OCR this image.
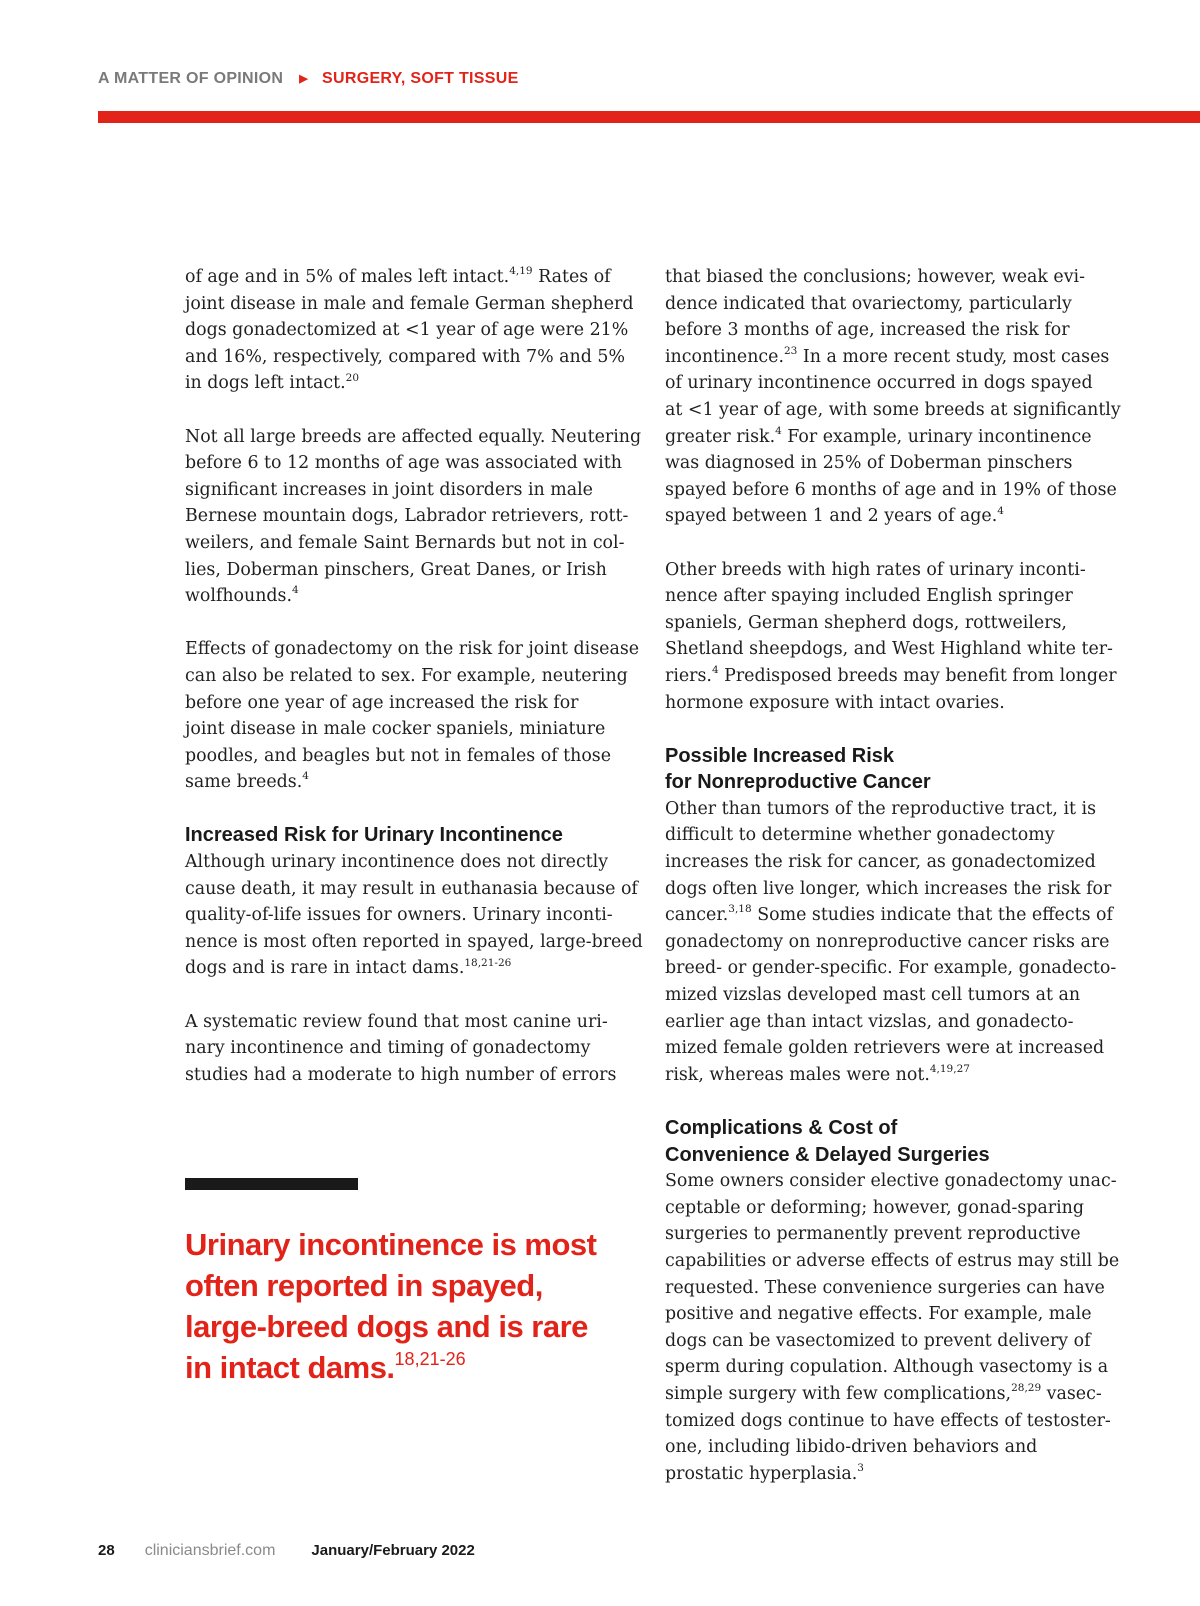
A MATTER OF OPINION ▶ SURGERY, SOFT TISSUE

of age and in 5% of males left intact.$^{4,19}$ Rates of
joint disease in male and female German shepherd
dogs gonadectomized at <1 year of age were 21%
and 16%, respectively, compared with 7% and 5%
in dogs left intact.$^{20}$

Not all large breeds are affected equally. Neutering
before 6 to 12 months of age was associated with
significant increases in joint disorders in male
Bernese mountain dogs, Labrador retrievers, rott-
weilers, and female Saint Bernards but not in col-
lies, Doberman pinschers, Great Danes, or Irish
wolfhounds.$^4$

Effects of gonadectomy on the risk for joint disease
can also be related to sex. For example, neutering
before one year of age increased the risk for
joint disease in male cocker spaniels, miniature
poodles, and beagles but not in females of those
same breeds.$^4$

Increased Risk for Urinary Incontinence

Although urinary incontinence does not directly
cause death, it may result in euthanasia because of
quality-of-life issues for owners. Urinary inconti-
nence is most often reported in spayed, large-breed
dogs and is rare in intact dams.$^{18,21-26}$

A systematic review found that most canine uri-
nary incontinence and timing of gonadectomy
studies had a moderate to high number of errors

Urinary incontinence is most
often reported in spayed,
large-breed dogs and is rare
in intact dams.$^{18,21-26}$

that biased the conclusions; however, weak evi-
dence indicated that ovariectomy, particularly
before 3 months of age, increased the risk for
incontinence.$^{23}$ In a more recent study, most cases
of urinary incontinence occurred in dogs spayed
at <1 year of age, with some breeds at significantly
greater risk.$^4$ For example, urinary incontinence
was diagnosed in 25% of Doberman pinschers
spayed before 6 months of age and in 19% of those
spayed between 1 and 2 years of age.$^4$

Other breeds with high rates of urinary inconti-
nence after spaying included English springer
spaniels, German shepherd dogs, rottweilers,
Shetland sheepdogs, and West Highland white ter-
riers.$^4$ Predisposed breeds may benefit from longer
hormone exposure with intact ovaries.

Possible Increased Risk
for Nonreproductive Cancer

Other than tumors of the reproductive tract, it is
difficult to determine whether gonadectomy
increases the risk for cancer, as gonadectomized
dogs often live longer, which increases the risk for
cancer.$^{3,18}$ Some studies indicate that the effects of
gonadectomy on nonreproductive cancer risks are
breed- or gender-specific. For example, gonadecto-
mized vizslas developed mast cell tumors at an
earlier age than intact vizslas, and gonadecto-
mized female golden retrievers were at increased
risk, whereas males were not.$^{4,19,27}$

Complications & Cost of
Convenience & Delayed Surgeries

Some owners consider elective gonadectomy unac-
ceptable or deforming; however, gonad-sparing
surgeries to permanently prevent reproductive
capabilities or adverse effects of estrus may still be
requested. These convenience surgeries can have
positive and negative effects. For example, male
dogs can be vasectomized to prevent delivery of
sperm during copulation. Although vasectomy is a
simple surgery with few complications,$^{28,29}$ vasec-
tomized dogs continue to have effects of testoster-
one, including libido-driven behaviors and
prostatic hyperplasia.$^3$

28 cliniciansbrief.com January/February 2022
